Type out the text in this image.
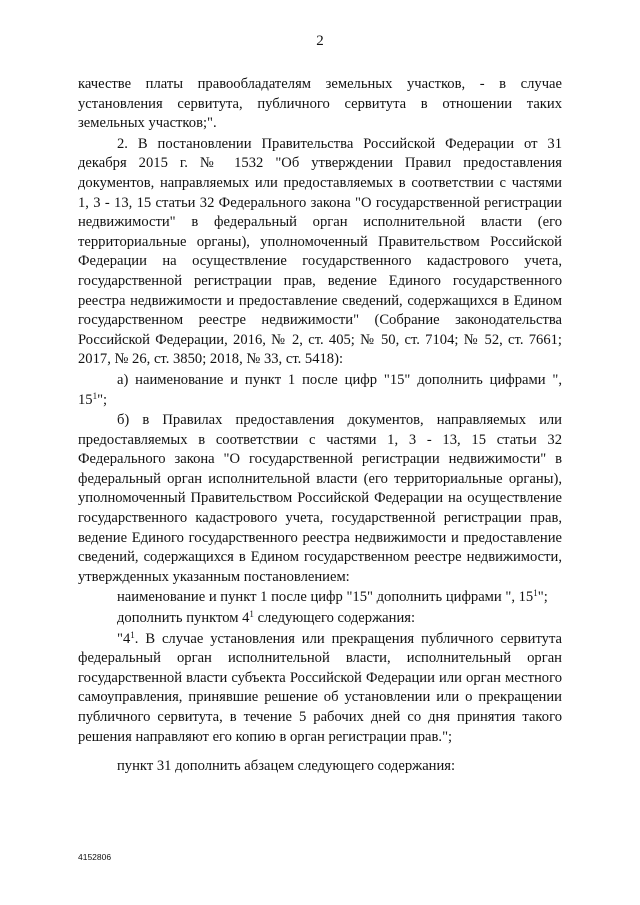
2

качестве платы правообладателям земельных участков, - в случае установления сервитута, публичного сервитута в отношении таких земельных участков;".

2. В постановлении Правительства Российской Федерации от 31 декабря 2015 г. № 1532 "Об утверждении Правил предоставления документов, направляемых или предоставляемых в соответствии с частями 1, 3 - 13, 15 статьи 32 Федерального закона "О государственной регистрации недвижимости" в федеральный орган исполнительной власти (его территориальные органы), уполномоченный Правительством Российской Федерации на осуществление государственного кадастрового учета, государственной регистрации прав, ведение Единого государственного реестра недвижимости и предоставление сведений, содержащихся в Едином государственном реестре недвижимости" (Собрание законодательства Российской Федерации, 2016, № 2, ст. 405; № 50, ст. 7104; № 52, ст. 7661; 2017, № 26, ст. 3850; 2018, № 33, ст. 5418):

а) наименование и пункт 1 после цифр "15" дополнить цифрами ", $15^1$";

б) в Правилах предоставления документов, направляемых или предоставляемых в соответствии с частями 1, 3 - 13, 15 статьи 32 Федерального закона "О государственной регистрации недвижимости" в федеральный орган исполнительной власти (его территориальные органы), уполномоченный Правительством Российской Федерации на осуществление государственного кадастрового учета, государственной регистрации прав, ведение Единого государственного реестра недвижимости и предоставление сведений, содержащихся в Едином государственном реестре недвижимости, утвержденных указанным постановлением:

наименование и пункт 1 после цифр "15" дополнить цифрами ", $15^1$";

дополнить пунктом $4^1$ следующего содержания:

"$4^1$. В случае установления или прекращения публичного сервитута федеральный орган исполнительной власти, исполнительный орган государственной власти субъекта Российской Федерации или орган местного самоуправления, принявшие решение об установлении или о прекращении публичного сервитута, в течение 5 рабочих дней со дня принятия такого решения направляют его копию в орган регистрации прав.";

пункт 31 дополнить абзацем следующего содержания:

4152806
